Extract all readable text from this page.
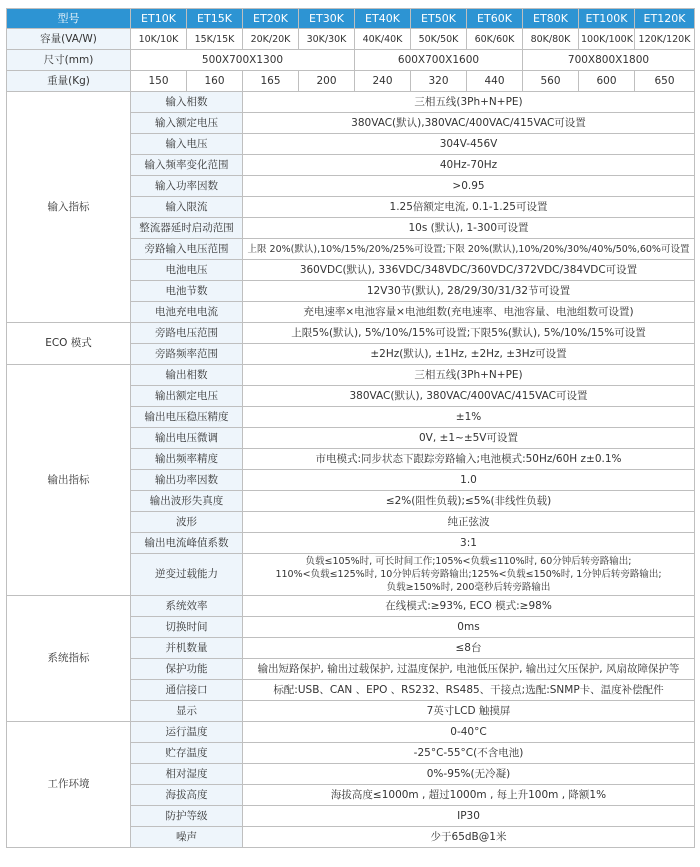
型号	ET10K	ET15K	ET20K	ET30K	ET40K	ET50K	ET60K	ET80K	ET100K	ET120K
容量(VA/W)	10K/10K	15K/15K	20K/20K	30K/30K	40K/40K	50K/50K	60K/60K	80K/80K	100K/100K	120K/120K
尺寸(mm)	500X700X1300				600X700X1600			700X800X1800		
重量(Kg)	150	160	165	200	240	320	440	560	600	650
输入指标	输入相数		三相五线(3Ph+N+PE)							
	输入额定电压		380VAC(默认),380VAC/400VAC/415VAC可设置							
	输入电压		304V-456V							
	输入频率变化范围		40Hz-70Hz							
	输入功率因数		>0.95							
	输入限流		1.25倍额定电流, 0.1-1.25可设置							
	整流器延时启动范围		10s (默认), 1-300可设置							
	旁路输入电压范围		上限 20%(默认),10%/15%/20%/25%可设置;下限 20%(默认),10%/20%/30%/40%/50%,60%可设置							
	电池电压		360VDC(默认), 336VDC/348VDC/360VDC/372VDC/384VDC可设置							
	电池节数		12V30节(默认), 28/29/30/31/32节可设置							
	电池充电电流		充电速率×电池容量×电池组数(充电速率、电池容量、电池组数可设置)							
ECO 模式	旁路电压范围		上限5%(默认), 5%/10%/15%可设置;下限5%(默认), 5%/10%/15%可设置							
	旁路频率范围		±2Hz(默认), ±1Hz, ±2Hz, ±3Hz可设置							
输出指标	输出相数		三相五线(3Ph+N+PE)							
	输出额定电压		380VAC(默认), 380VAC/400VAC/415VAC可设置							
	输出电压稳压精度		±1%							
	输出电压微调		0V, ±1~±5V可设置							
	输出频率精度		市电模式:同步状态下跟踪旁路输入;电池模式:50Hz/60H z±0.1%							
	输出功率因数		1.0							
	输出波形失真度		≤2%(阻性负载);≤5%(非线性负载)							
	波形		纯正弦波							
	输出电流峰值系数		3:1							
	逆变过载能力		负载≤105%时, 可长时间工作;105%<负载≤110%时, 60分钟后转旁路输出;
110%<负载≤125%时, 10分钟后转旁路输出;125%<负载≤150%时, 1分钟后转旁路输出;
负载≥150%时, 200毫秒后转旁路输出							
系统指标	系统效率		在线模式:≥93%, ECO 模式:≥98%							
	切换时间		0ms							
	并机数量		≤8台							
	保护功能		输出短路保护, 输出过载保护, 过温度保护, 电池低压保护, 输出过欠压保护, 风扇故障保护等							
	通信接口		标配:USB、CAN 、EPO 、RS232、RS485、干接点;选配:SNMP卡、温度补偿配件							
	显示		7英寸LCD 触摸屏							
工作环境	运行温度		0-40°C							
	贮存温度		-25°C-55°C(不含电池)							
	相对湿度		0%-95%(无冷凝)							
	海拔高度		海拔高度≤1000m , 超过1000m , 每上升100m , 降额1%							
	防护等级		IP30							
	噪声		少于65dB@1米							
